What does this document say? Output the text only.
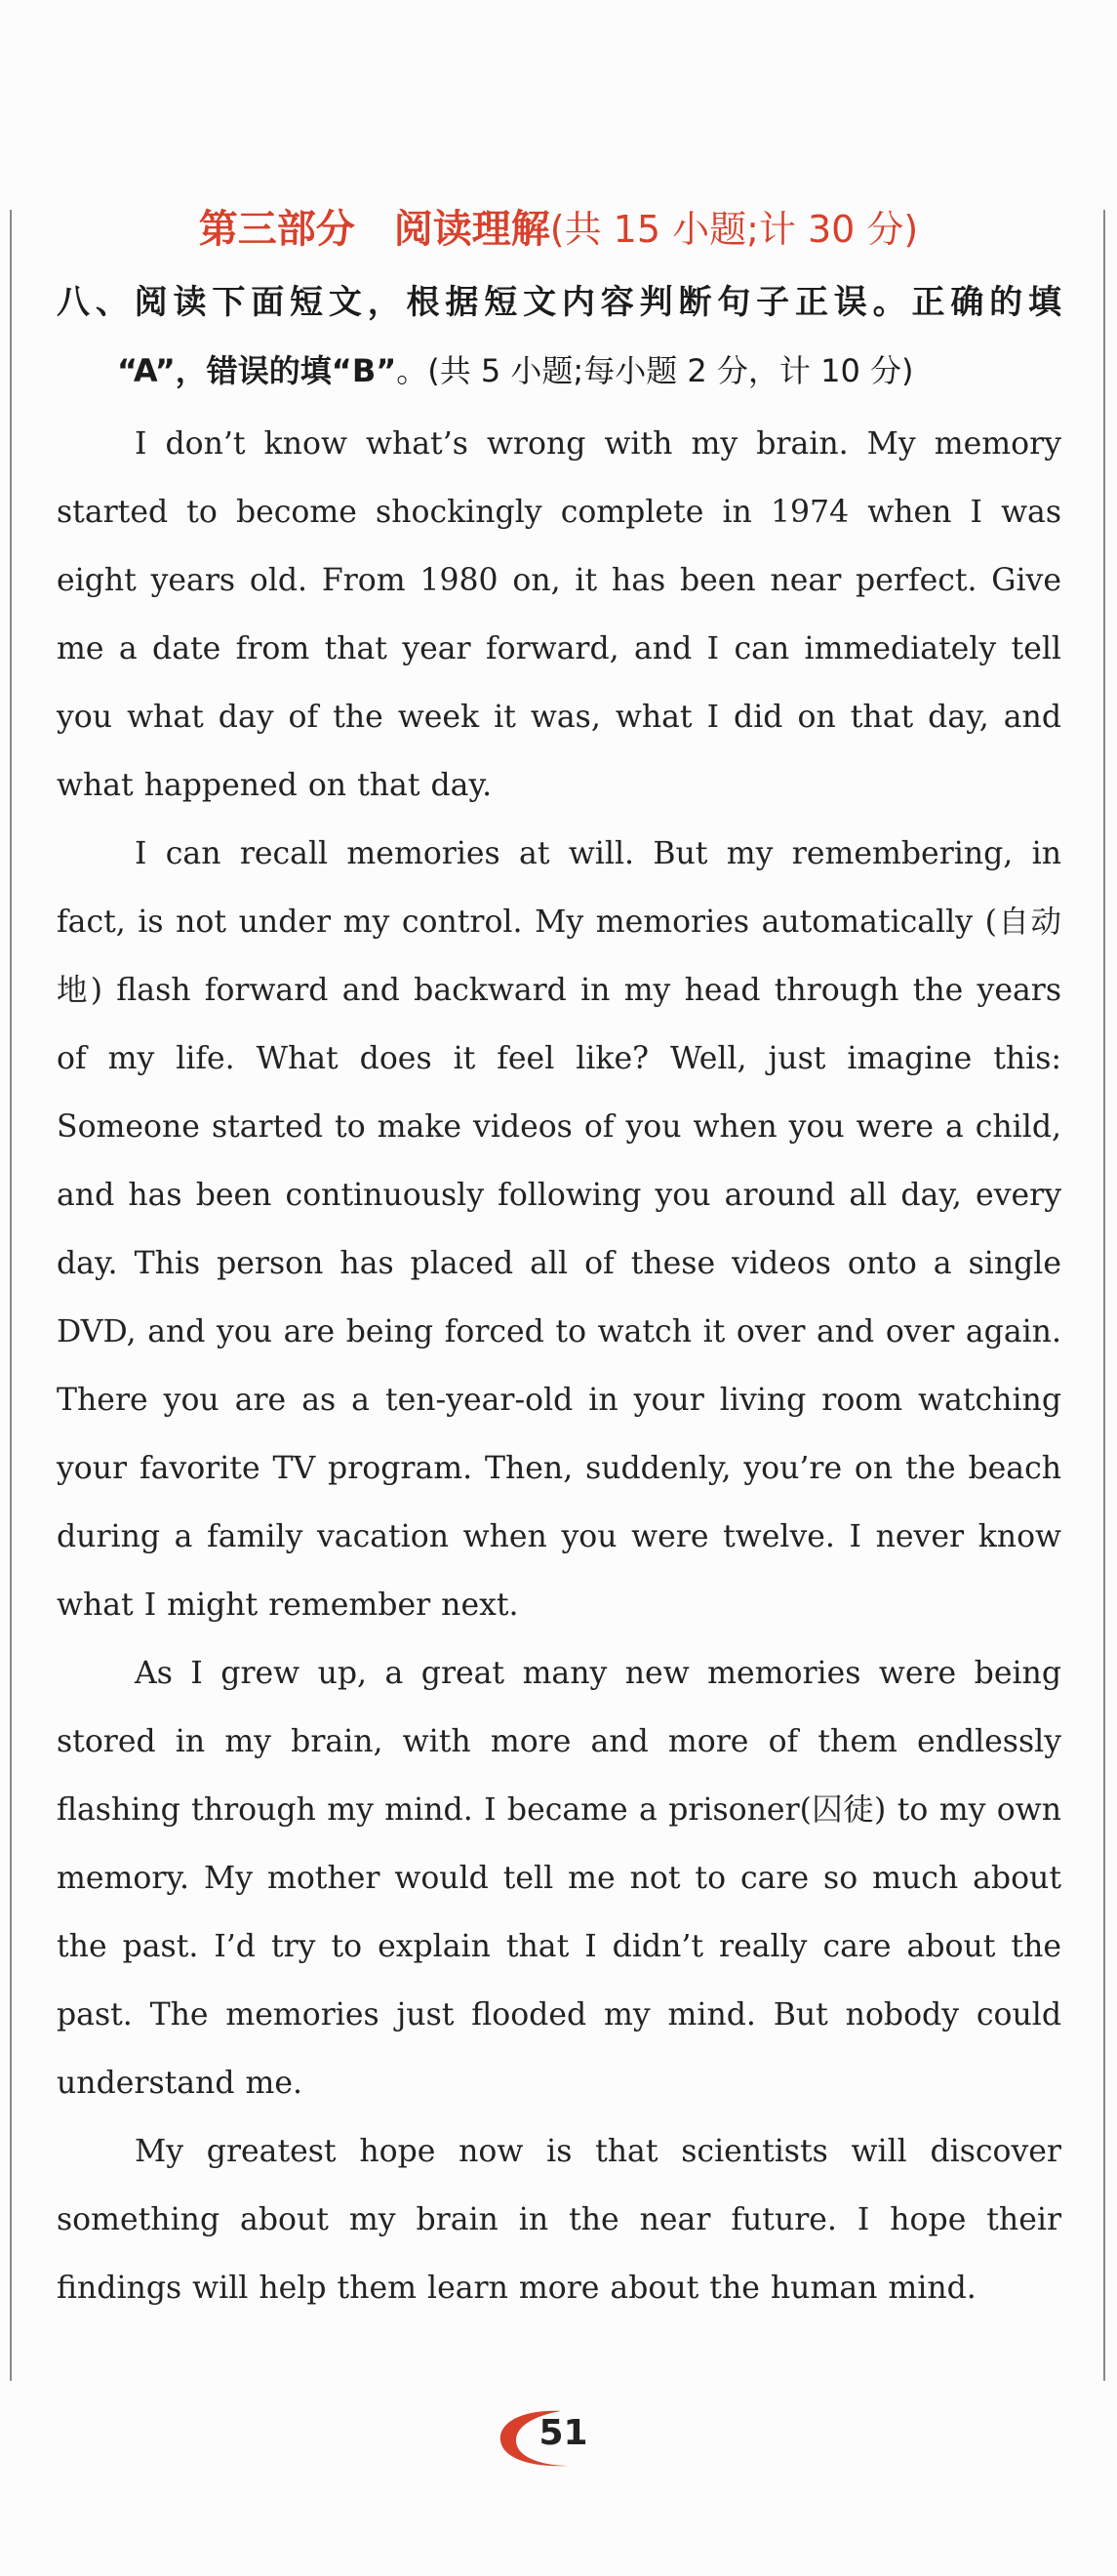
第三部分　阅读理解(共 15 小题;计 30 分)
八、阅读下面短文，根据短文内容判断句子正误。正确的填
“A”，错误的填“B”。(共 5 小题;每小题 2 分，计 10 分)

I don’t know what’s wrong with my brain. My memory started to become shockingly complete in 1974 when I was eight years old. From 1980 on, it has been near perfect. Give me a date from that year forward, and I can immediately tell you what day of the week it was, what I did on that day, and what happened on that day.

I can recall memories at will. But my remembering, in fact, is not under my control. My memories automatically (自动地) flash forward and backward in my head through the years of my life. What does it feel like? Well, just imagine this: Someone started to make videos of you when you were a child, and has been continuously following you around all day, every day. This person has placed all of these videos onto a single DVD, and you are being forced to watch it over and over again. There you are as a ten-year-old in your living room watching your favorite TV program. Then, suddenly, you’re on the beach during a family vacation when you were twelve. I never know what I might remember next.

As I grew up, a great many new memories were being stored in my brain, with more and more of them endlessly flashing through my mind. I became a prisoner(囚徒) to my own memory. My mother would tell me not to care so much about the past. I’d try to explain that I didn’t really care about the past. The memories just flooded my mind. But nobody could understand me.

My greatest hope now is that scientists will discover something about my brain in the near future. I hope their findings will help them learn more about the human mind.

51
